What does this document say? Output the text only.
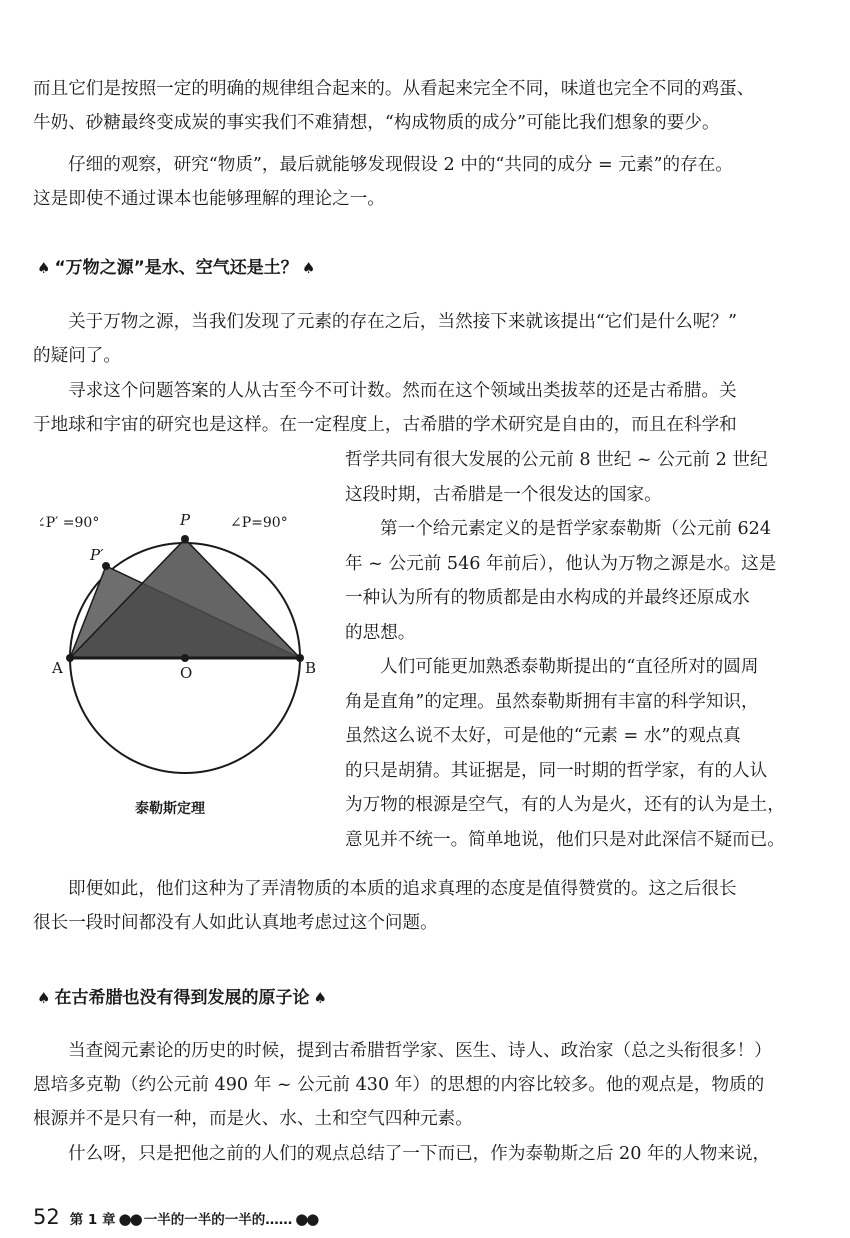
而且它们是按照一定的明确的规律组合起来的。从看起来完全不同，味道也完全不同的鸡蛋、
牛奶、砂糖最终变成炭的事实我们不难猜想，“构成物质的成分”可能比我们想象的要少。
仔细的观察，研究“物质”，最后就能够发现假设 2 中的“共同的成分 = 元素”的存在。
这是即使不通过课本也能够理解的理论之一。
♠ “万物之源”是水、空气还是土？ ♠
关于万物之源，当我们发现了元素的存在之后，当然接下来就该提出“它们是什么呢？”
的疑问了。
寻求这个问题答案的人从古至今不可计数。然而在这个领域出类拔萃的还是古希腊。关
于地球和宇宙的研究也是这样。在一定程度上，古希腊的学术研究是自由的，而且在科学和
哲学共同有很大发展的公元前 8 世纪 ~ 公元前 2 世纪
这段时期，古希腊是一个很发达的国家。
第一个给元素定义的是哲学家泰勒斯（公元前 624
年 ~ 公元前 546 年前后），他认为万物之源是水。这是
一种认为所有的物质都是由水构成的并最终还原成水
的思想。
人们可能更加熟悉泰勒斯提出的“直径所对的圆周
角是直角”的定理。虽然泰勒斯拥有丰富的科学知识，
虽然这么说不太好，可是他的“元素 = 水”的观点真
的只是胡猜。其证据是，同一时期的哲学家，有的人认
为万物的根源是空气，有的人为是火，还有的认为是土，
意见并不统一。简单地说，他们只是对此深信不疑而已。
∠P′ =90°	∠P=90°
P
P′
A	O	B
泰勒斯定理
即便如此，他们这种为了弄清物质的本质的追求真理的态度是值得赞赏的。这之后很长
很长一段时间都没有人如此认真地考虑过这个问题。
♠ 在古希腊也没有得到发展的原子论 ♠
当查阅元素论的历史的时候，提到古希腊哲学家、医生、诗人、政治家（总之头衔很多！）
恩培多克勒（约公元前 490 年 ~ 公元前 430 年）的思想的内容比较多。他的观点是，物质的
根源并不是只有一种，而是火、水、土和空气四种元素。
什么呀，只是把他之前的人们的观点总结了一下而已，作为泰勒斯之后 20 年的人物来说，
52 第 1 章 ●● 一半的一半的一半的…… ●●
